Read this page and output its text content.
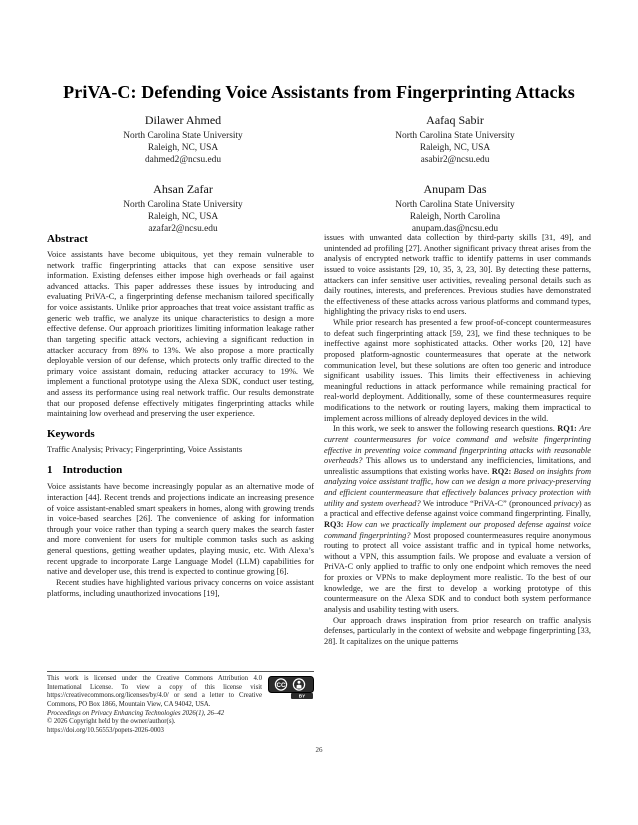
PriVA-C: Defending Voice Assistants from Fingerprinting Attacks
Dilawer Ahmed
North Carolina State University
Raleigh, NC, USA
dahmed2@ncsu.edu
Aafaq Sabir
North Carolina State University
Raleigh, NC, USA
asabir2@ncsu.edu
Ahsan Zafar
North Carolina State University
Raleigh, NC, USA
azafar2@ncsu.edu
Anupam Das
North Carolina State University
Raleigh, North Carolina
anupam.das@ncsu.edu
Abstract

Voice assistants have become ubiquitous, yet they remain vulnerable to network traffic fingerprinting attacks that can expose sensitive user information. Existing defenses either impose high overheads or fail against advanced attacks. This paper addresses these issues by introducing and evaluating PriVA-C, a fingerprinting defense mechanism tailored specifically for voice assistants. Unlike prior approaches that treat voice assistant traffic as generic web traffic, we analyze its unique characteristics to design a more effective defense. Our approach prioritizes limiting information leakage rather than targeting specific attack vectors, achieving a significant reduction in attacker accuracy from 89% to 13%. We also propose a more practically deployable version of our defense, which protects only traffic directed to the primary voice assistant domain, reducing attacker accuracy to 19%. We implement a functional prototype using the Alexa SDK, conduct user testing, and assess its performance using real network traffic. Our results demonstrate that our proposed defense effectively mitigates fingerprinting attacks while maintaining low overhead and preserving the user experience.

Keywords

Traffic Analysis; Privacy; Fingerprinting, Voice Assistants

1 Introduction

Voice assistants have become increasingly popular as an alternative mode of interaction [44]. Recent trends and projections indicate an increasing presence of voice assistant-enabled smart speakers in homes, along with growing trends in voice-based searches [26]. The convenience of asking for information through your voice rather than typing a search query makes the search faster and more convenient for users for multiple common tasks such as asking general questions, getting weather updates, playing music, etc. With Alexa’s recent upgrade to incorporate Large Language Model (LLM) capabilities for native and developer use, this trend is expected to continue growing [6].

Recent studies have highlighted various privacy concerns on voice assistant platforms, including unauthorized invocations [19],

issues with unwanted data collection by third-party skills [31, 49], and unintended ad profiling [27]. Another significant privacy threat arises from the analysis of encrypted network traffic to identify patterns in user commands issued to voice assistants [29, 10, 35, 3, 23, 30]. By detecting these patterns, attackers can infer sensitive user activities, revealing personal details such as daily routines, interests, and preferences. Previous studies have demonstrated the effectiveness of these attacks across various platforms and command types, highlighting the privacy risks to end users.

While prior research has presented a few proof-of-concept countermeasures to defeat such fingerprinting attack [59, 23], we find these techniques to be ineffective against more sophisticated attacks. Other works [20, 12] have proposed platform-agnostic countermeasures that operate at the network communication level, but these solutions are often too generic and introduce significant usability issues. This limits their effectiveness in achieving meaningful reductions in attack performance while remaining practical for real-world deployment. Additionally, some of these countermeasures require modifications to the network or routing layers, making them impractical to implement across millions of already deployed devices in the wild.

In this work, we seek to answer the following research questions. RQ1: Are current countermeasures for voice command and website fingerprinting effective in preventing voice command fingerprinting attacks with reasonable overheads? This allows us to understand any inefficiencies, limitations, and unrealistic assumptions that existing works have. RQ2: Based on insights from analyzing voice assistant traffic, how can we design a more privacy-preserving and efficient countermeasure that effectively balances privacy protection with utility and system overhead? We introduce “PriVA-C” (pronounced privacy) as a practical and effective defense against voice command fingerprinting. Finally, RQ3: How can we practically implement our proposed defense against voice command fingerprinting? Most proposed countermeasures require anonymous routing to protect all voice assistant traffic and in typical home networks, without a VPN, this assumption fails. We propose and evaluate a version of PriVA-C only applied to traffic to only one endpoint which removes the need for proxies or VPNs to make deployment more realistic. To the best of our knowledge, we are the first to develop a working prototype of this countermeasure on the Alexa SDK and to conduct both system performance analysis and usability testing with users.

Our approach draws inspiration from prior research on traffic analysis defenses, particularly in the context of website and webpage fingerprinting [33, 28]. It capitalizes on the unique patterns

CC
BY
This work is licensed under the Creative Commons Attribution 4.0 International License. To view a copy of this license visit https://creativecommons.org/licenses/by/4.0/ or send a letter to Creative Commons, PO Box 1866, Mountain View, CA 94042, USA.
Proceedings on Privacy Enhancing Technologies 2026(1), 26–42
© 2026 Copyright held by the owner/author(s).
https://doi.org/10.56553/popets-2026-0003
26
